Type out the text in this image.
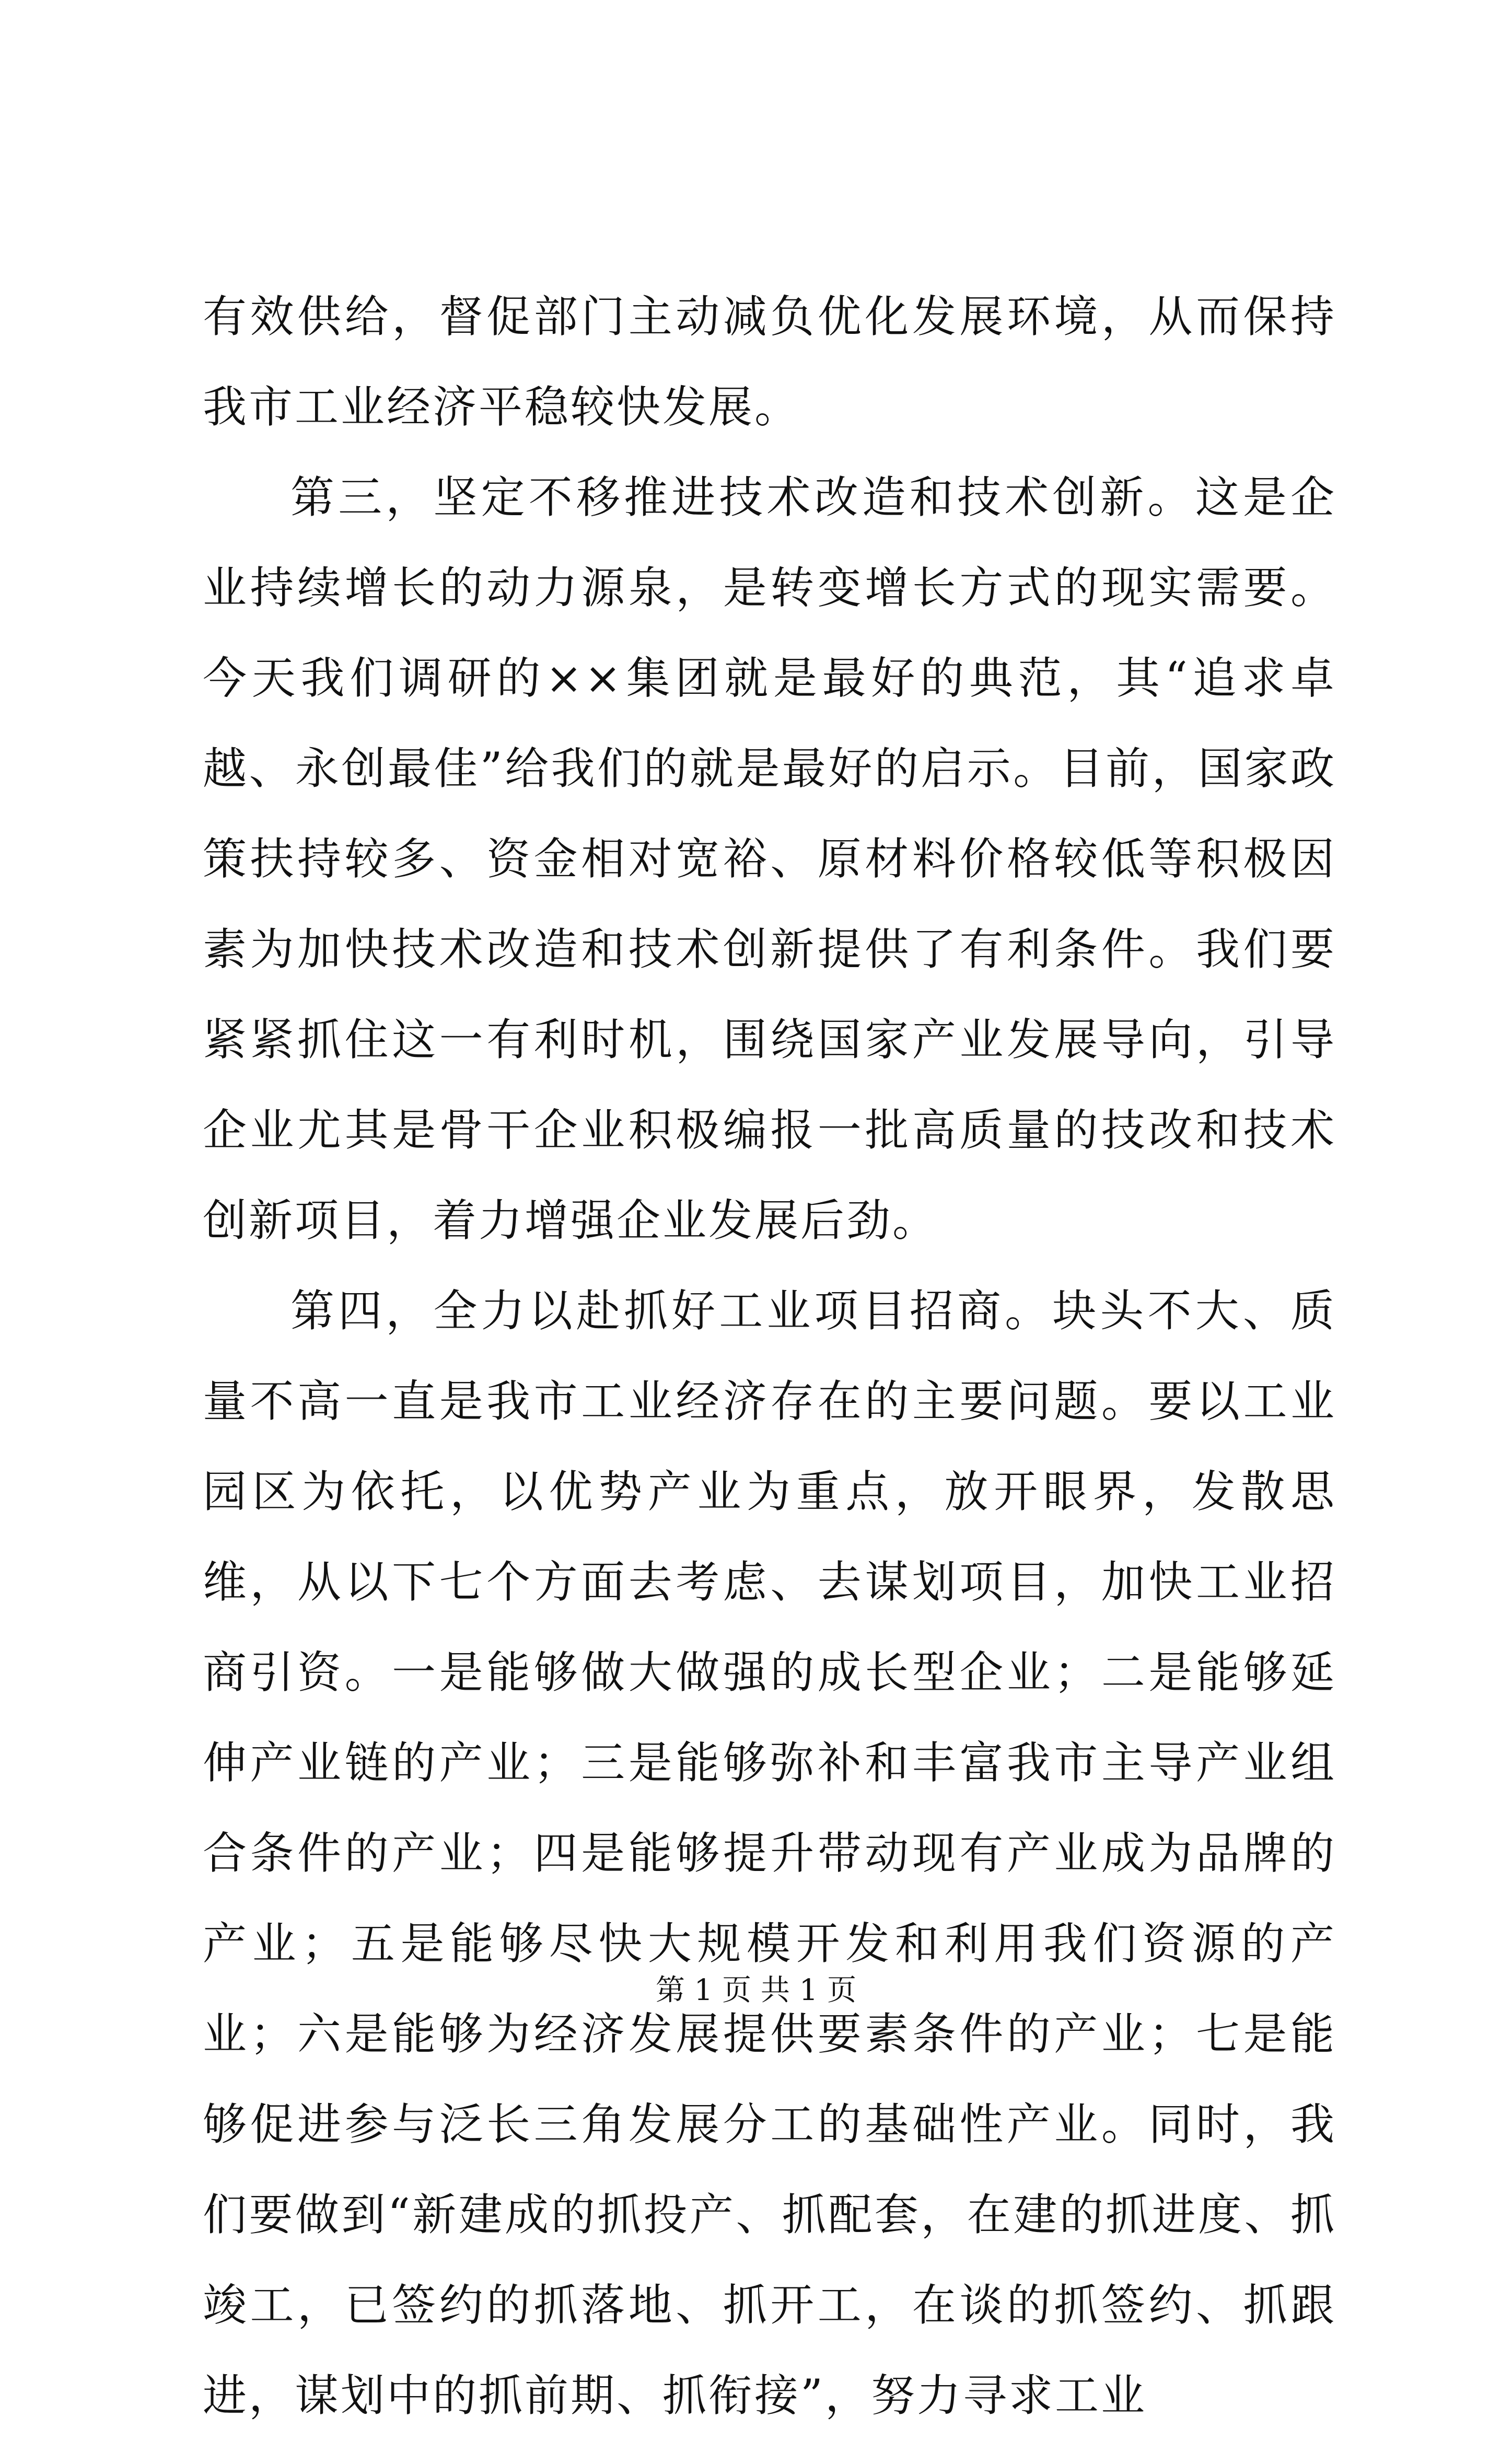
有效供给，督促部门主动减负优化发展环境，从而保持我市工业经济平稳较快发展。

第三，坚定不移推进技术改造和技术创新。这是企业持续增长的动力源泉，是转变增长方式的现实需要。今天我们调研的××集团就是最好的典范，其“追求卓越、永创最佳”给我们的就是最好的启示。目前，国家政策扶持较多、资金相对宽裕、原材料价格较低等积极因素为加快技术改造和技术创新提供了有利条件。我们要紧紧抓住这一有利时机，围绕国家产业发展导向，引导企业尤其是骨干企业积极编报一批高质量的技改和技术创新项目，着力增强企业发展后劲。

第四，全力以赴抓好工业项目招商。块头不大、质量不高一直是我市工业经济存在的主要问题。要以工业园区为依托，以优势产业为重点，放开眼界，发散思维，从以下七个方面去考虑、去谋划项目，加快工业招商引资。一是能够做大做强的成长型企业；二是能够延伸产业链的产业；三是能够弥补和丰富我市主导产业组合条件的产业；四是能够提升带动现有产业成为品牌的产业；五是能够尽快大规模开发和利用我们资源的产业；六是能够为经济发展提供要素条件的产业；七是能够促进参与泛长三角发展分工的基础性产业。同时，我们要做到“新建成的抓投产、抓配套，在建的抓进度、抓竣工，已签约的抓落地、抓开工，在谈的抓签约、抓跟进，谋划中的抓前期、抓衔接”，努力寻求工业

第 1 页 共 1 页
